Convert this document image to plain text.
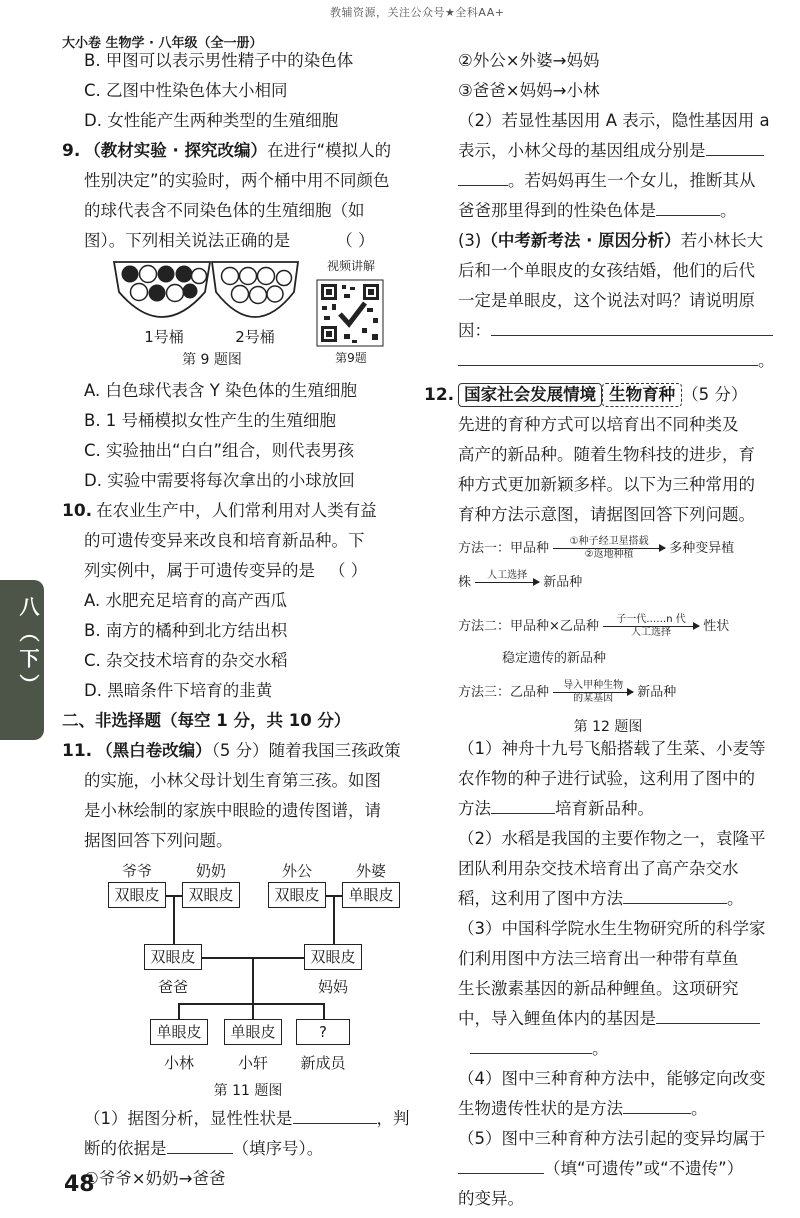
教辅资源，关注公众号★全科AA+
大小卷 生物学 · 八年级（全一册）
八（下）
48
B. 甲图可以表示男性精子中的染色体
C. 乙图中性染色体大小相同
D. 女性能产生两种类型的生殖细胞
9. （教材实验 · 探究改编）在进行“模拟人的
性别决定”的实验时，两个桶中用不同颜色
的球代表含不同染色体的生殖细胞（如
图）。下列相关说法正确的是	（ ）
1号桶	2号桶
视频讲解
第9题
第 9 题图
A. 白色球代表含 Y 染色体的生殖细胞
B. 1 号桶模拟女性产生的生殖细胞
C. 实验抽出“白白”组合，则代表男孩
D. 实验中需要将每次拿出的小球放回
10. 在农业生产中，人们常利用对人类有益
的可遗传变异来改良和培育新品种。下
列实例中，属于可遗传变异的是 （ ）
A. 水肥充足培育的高产西瓜
B. 南方的橘种到北方结出枳
C. 杂交技术培育的杂交水稻
D. 黑暗条件下培育的韭黄
二、非选择题（每空 1 分，共 10 分）
11. （黑白卷改编）（5 分）随着我国三孩政策
的实施，小林父母计划生育第三孩。如图
是小林绘制的家族中眼睑的遗传图谱，请
据图回答下列问题。
爷爷	奶奶	外公	外婆
双眼皮	双眼皮	双眼皮	单眼皮
双眼皮	双眼皮
爸爸	妈妈
单眼皮	单眼皮	?
小林	小轩	新成员
第 11 题图
（1）据图分析，显性性状是	，判
断的依据是	（填序号）。
①爷爷×奶奶→爸爸
②外公×外婆→妈妈
③爸爸×妈妈→小林
（2）若显性基因用 A 表示，隐性基因用 a
表示，小林父母的基因组成分别是
。若妈妈再生一个女儿，推断其从
爸爸那里得到的性染色体是	。
(3)（中考新考法 · 原因分析）若小林长大
后和一个单眼皮的女孩结婚，他们的后代
一定是单眼皮，这个说法对吗？请说明原
因：
。
12. 国家社会发展情境 生物育种 （5 分）
先进的育种方式可以培育出不同种类及
高产的新品种。随着生物科技的进步，育
种方式更加新颖多样。以下为三种常用的
育种方法示意图，请据图回答下列问题。
方法一：甲品种	①种子经卫星搭载
②返地种植	多种变异植
株	人工选择
	新品种
方法二：甲品种×乙品种	子一代……n 代
人工选择	性状
稳定遗传的新品种
方法三：乙品种	导入甲种生物
的某基因	新品种
第 12 题图
（1）神舟十九号飞船搭载了生菜、小麦等
农作物的种子进行试验，这利用了图中的
方法	培育新品种。
（2）水稻是我国的主要作物之一，袁隆平
团队利用杂交技术培育出了高产杂交水
稻，这利用了图中方法	。
（3）中国科学院水生生物研究所的科学家
们利用图中方法三培育出一种带有草鱼
生长激素基因的新品种鲤鱼。这项研究
中，导入鲤鱼体内的基因是
。
（4）图中三种育种方法中，能够定向改变
生物遗传性状的是方法	。
（5）图中三种育种方法引起的变异均属于
（填“可遗传”或“不遗传”）
的变异。
